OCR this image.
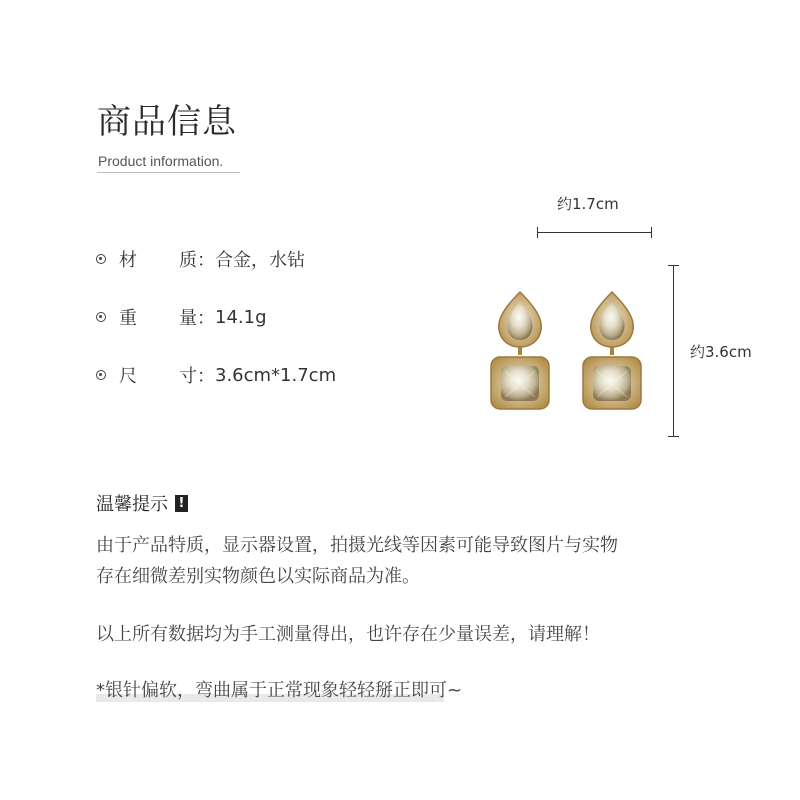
商品信息
Product information.
材 质： 合金，水钻
重 量： 14.1g
尺 寸： 3.6cm*1.7cm
约1.7cm
约3.6cm
温馨提示 !
由于产品特质，显示器设置，拍摄光线等因素可能导致图片与实物
存在细微差别实物颜色以实际商品为准。
以上所有数据均为手工测量得出，也许存在少量误差，请理解！
*银针偏软，弯曲属于正常现象轻轻掰正即可~
